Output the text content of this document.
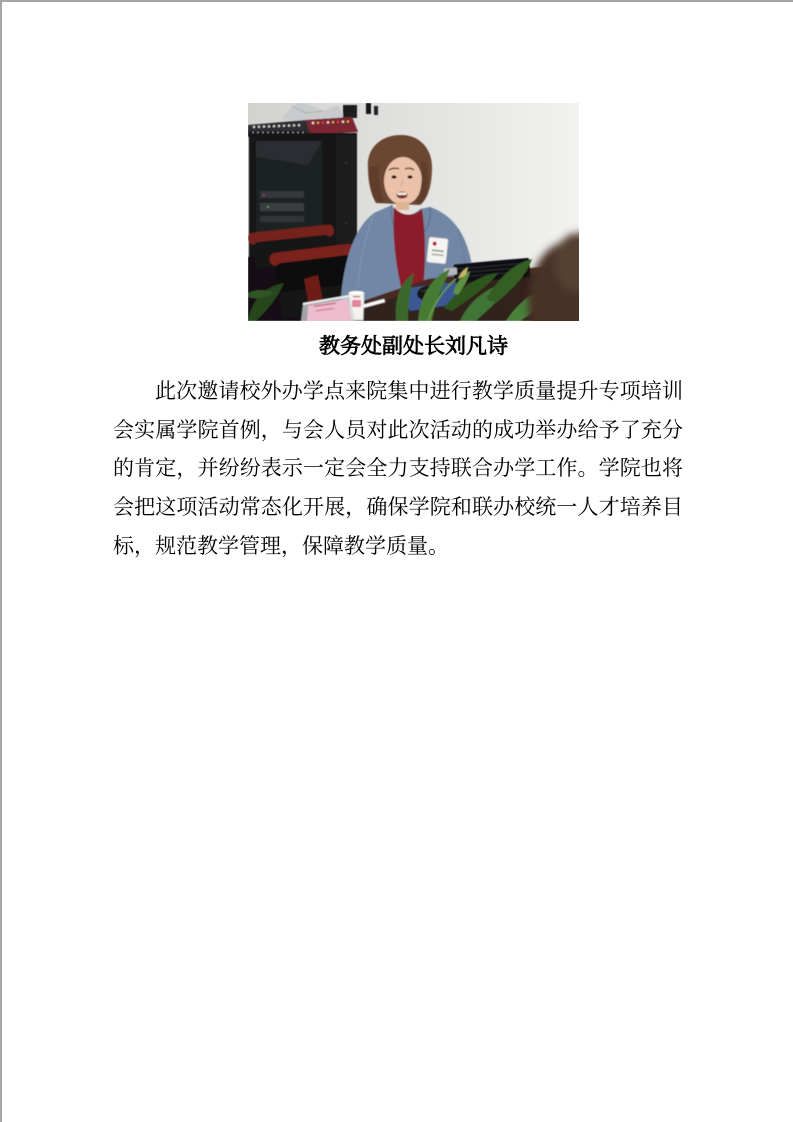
教务处副处长刘凡诗

此次邀请校外办学点来院集中进行教学质量提升专项培训会实属学院首例，与会人员对此次活动的成功举办给予了充分的肯定，并纷纷表示一定会全力支持联合办学工作。学院也将会把这项活动常态化开展，确保学院和联办校统一人才培养目标，规范教学管理，保障教学质量。
